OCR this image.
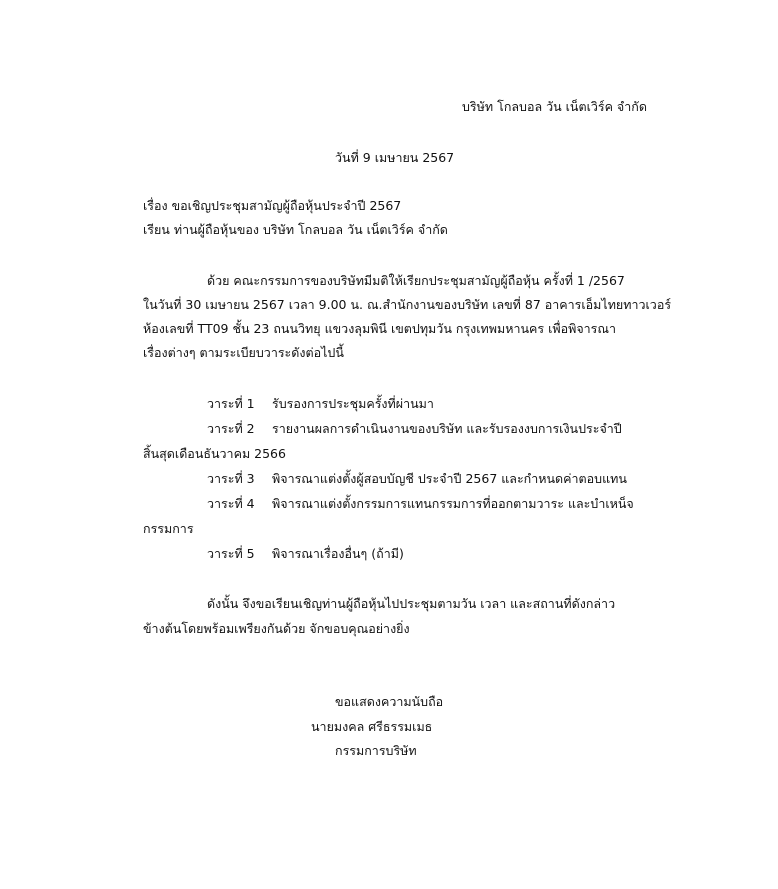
บริษัท โกลบอล วัน เน็ตเวิร์ค จำกัด
วันที่ 9 เมษายน 2567
เรื่อง ขอเชิญประชุมสามัญผู้ถือหุ้นประจำปี 2567
เรียน ท่านผู้ถือหุ้นของ บริษัท โกลบอล วัน เน็ตเวิร์ค จำกัด
ด้วย คณะกรรมการของบริษัทมีมติให้เรียกประชุมสามัญผู้ถือหุ้น ครั้งที่ 1 /2567
ในวันที่ 30 เมษายน 2567 เวลา 9.00 น. ณ.สำนักงานของบริษัท เลขที่ 87 อาคารเอ็มไทยทาวเวอร์
ห้องเลขที่ TT09 ชั้น 23 ถนนวิทยุ แขวงลุมพินี เขตปทุมวัน กรุงเทพมหานคร เพื่อพิจารณา
เรื่องต่างๆ ตามระเบียบวาระดังต่อไปนี้
วาระที่ 1 รับรองการประชุมครั้งที่ผ่านมา
วาระที่ 2 รายงานผลการดำเนินงานของบริษัท และรับรองงบการเงินประจำปี
สิ้นสุดเดือนธันวาคม 2566
วาระที่ 3 พิจารณาแต่งตั้งผู้สอบบัญชี ประจำปี 2567 และกำหนดค่าตอบแทน
วาระที่ 4 พิจารณาแต่งตั้งกรรมการแทนกรรมการที่ออกตามวาระ และบำเหน็จ
กรรมการ
วาระที่ 5 พิจารณาเรื่องอื่นๆ (ถ้ามี)
ดังนั้น จึงขอเรียนเชิญท่านผู้ถือหุ้นไปประชุมตามวัน เวลา และสถานที่ดังกล่าว
ข้างต้นโดยพร้อมเพรียงกันด้วย จักขอบคุณอย่างยิ่ง
ขอแสดงความนับถือ
นายมงคล ศรีธรรมเมธ
กรรมการบริษัท
